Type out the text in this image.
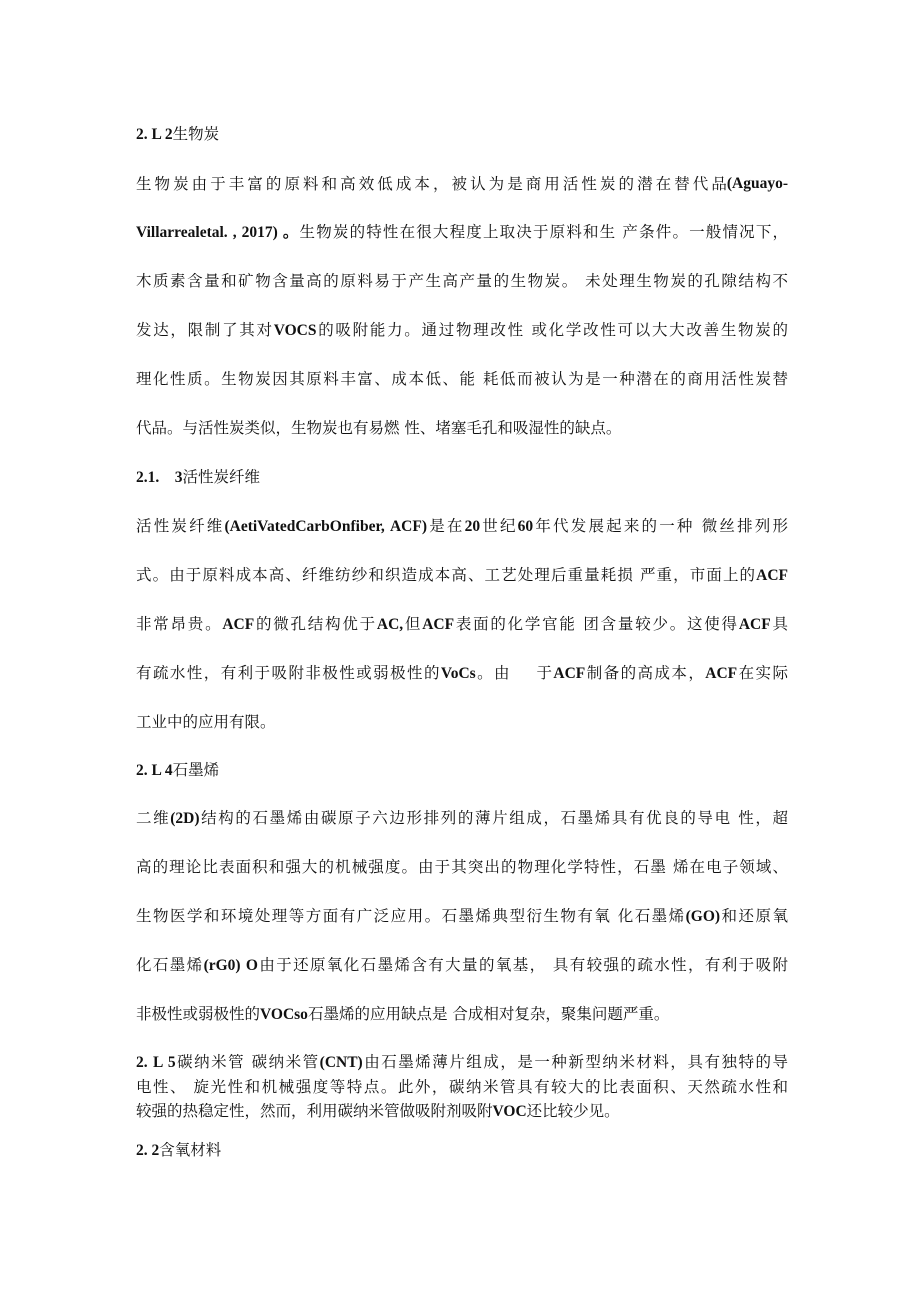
2. L 2生物炭
生物炭由于丰富的原料和高效低成本，被认为是商用活性炭的潜在替代品 (Aguayo-
Villarrealetal. , 2017) 。生物炭的特性在很大程度上取决于原料和生 产条件。一般情况下，
木质素含量和矿物含量高的原料易于产生高产量的生物炭。 未处理生物炭的孔隙结构不
发达，限制了其对VOCS的吸附能力。通过物理改性 或化学改性可以大大改善生物炭的
理化性质。生物炭因其原料丰富、成本低、能 耗低而被认为是一种潜在的商用活性炭替
代品。与活性炭类似，生物炭也有易燃 性、堵塞毛孔和吸湿性的缺点。
2.1.    3活性炭纤维
活性炭纤维(AetiVatedCarbOnfiber, ACF)是在20世纪60年代发展起来的一种 微丝排列形
式。由于原料成本高、纤维纺纱和织造成本高、工艺处理后重量耗损 严重，市面上的ACF
非常昂贵。ACF的微孔结构优于AC,但ACF表面的化学官能 团含量较少。这使得ACF具
有疏水性，有利于吸附非极性或弱极性的VoCs。由    于ACF制备的高成本，ACF在实际
工业中的应用有限。
2. L 4石墨烯
二维(2D)结构的石墨烯由碳原子六边形排列的薄片组成，石墨烯具有优良的导电 性，超
高的理论比表面积和强大的机械强度。由于其突出的物理化学特性，石墨 烯在电子领域、
生物医学和环境处理等方面有广泛应用。石墨烯典型衍生物有氧 化石墨烯(GO)和还原氧
化石墨烯(rG0) O由于还原氧化石墨烯含有大量的氧基， 具有较强的疏水性，有利于吸附
非极性或弱极性的VOCso石墨烯的应用缺点是 合成相对复杂，聚集问题严重。
2. L 5碳纳米管 碳纳米管(CNT)由石墨烯薄片组成，是一种新型纳米材料，具有独特的导
电性、 旋光性和机械强度等特点。此外，碳纳米管具有较大的比表面积、天然疏水性和
较强的热稳定性，然而，利用碳纳米管做吸附剂吸附VOC还比较少见。
2. 2含氧材料
